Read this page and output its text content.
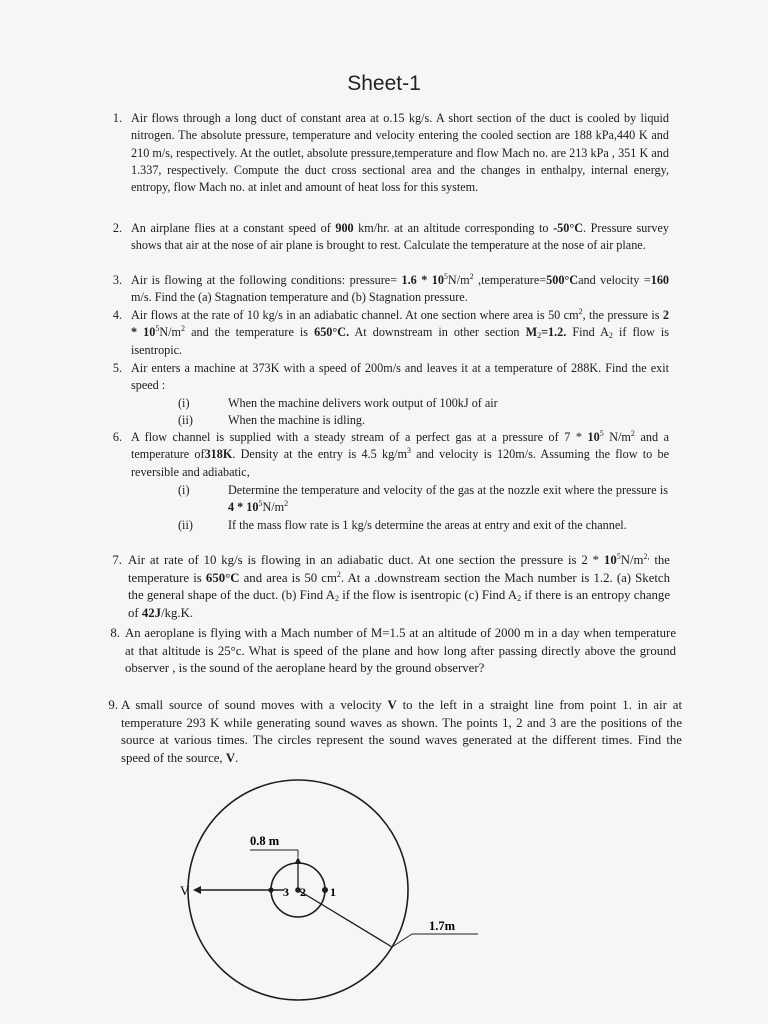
Sheet-1
1. Air flows through a long duct of constant area at o.15 kg/s. A short section of the duct is cooled by liquid nitrogen. The absolute pressure, temperature and velocity entering the cooled section are 188 kPa,440 K and 210 m/s, respectively. At the outlet, absolute pressure,temperature and flow Mach no. are 213 kPa , 351 K and 1.337, respectively. Compute the duct cross sectional area and the changes in enthalpy, internal energy, entropy, flow Mach no. at inlet and amount of heat loss for this system.
2. An airplane flies at a constant speed of 900 km/hr. at an altitude corresponding to -50°C. Pressure survey shows that air at the nose of air plane is brought to rest. Calculate the temperature at the nose of air plane.
3. Air is flowing at the following conditions: pressure= $1.6 * 10^5N/m^2$ ,temperature=500°Cand velocity =160 m/s. Find the (a) Stagnation temperature and (b) Stagnation pressure.
4. Air flows at the rate of 10 kg/s in an adiabatic channel. At one section where area is 50 $cm^2$, the pressure is $2 * 10^5N/m^2$ and the temperature is 650°C. At downstream in other section $M_2=1.2$. Find $A_2$ if flow is isentropic.
5. Air enters a machine at 373K with a speed of 200m/s and leaves it at a temperature of 288K. Find the exit speed :
(i)	When the machine delivers work output of 100kJ of air
(ii)	When the machine is idling.
6. A flow channel is supplied with a steady stream of a perfect gas at a pressure of $7 * 10^5$ $N/m^2$ and a temperature of318K. Density at the entry is 4.5 $kg/m^3$ and velocity is 120m/s. Assuming the flow to be reversible and adiabatic,
(i)	Determine the temperature and velocity of the gas at the nozzle exit where the pressure is $4 * 10^5N/m^2$
(ii)	If the mass flow rate is 1 kg/s determine the areas at entry and exit of the channel.
7. Air at rate of 10 kg/s is flowing in an adiabatic duct. At one section the pressure is $2 * 10^5N/m^{2,}$ the temperature is 650°C and area is 50 $cm^2$. At a .downstream section the Mach number is 1.2. (a) Sketch the general shape of the duct. (b) Find $A_2$ if the flow is isentropic (c) Find $A_2$ if there is an entropy change of 42J/kg.K.
8. An aeroplane is flying with a Mach number of M=1.5 at an altitude of 2000 m in a day when temperature at that altitude is 25°c. What is speed of the plane and how long after passing directly above the ground observer , is the sound of the aeroplane heard by the ground observer?
9. A small source of sound moves with a velocity V to the left in a straight line from point 1. in air at temperature 293 K while generating sound waves as shown. The points 1, 2 and 3 are the positions of the source at various times. The circles represent the sound waves generated at the different times. Find the speed of the source, V.
0.8 m
1.7m
V	3 2 1
